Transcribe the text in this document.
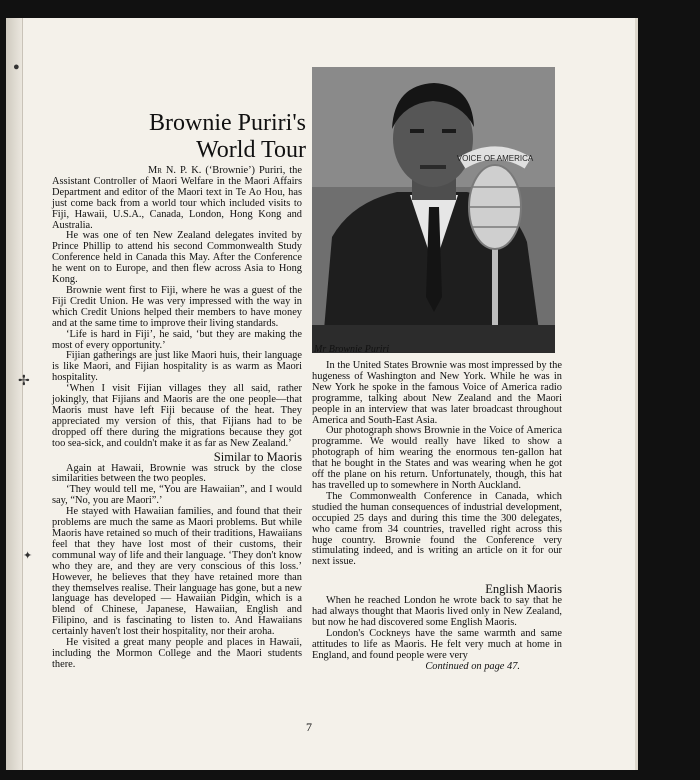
●
✢
✦
Brownie Puriri's
World Tour

Mr N. P. K. (‘Brownie’) Puriri, the Assistant Controller of Maori Welfare in the Maori Affairs Department and editor of the Maori text in Te Ao Hou, has just come back from a world tour which included visits to Fiji, Hawaii, U.S.A., Canada, London, Hong Kong and Australia.

He was one of ten New Zealand delegates invited by Prince Phillip to attend his second Commonwealth Study Conference held in Canada this May. After the Conference he went on to Europe, and then flew across Asia to Hong Kong.

Brownie went first to Fiji, where he was a guest of the Fiji Credit Union. He was very impressed with the way in which Credit Unions helped their members to have money and at the same time to improve their living standards.

‘Life is hard in Fiji’, he said, ‘but they are making the most of every opportunity.’

Fijian gatherings are just like Maori huis, their language is like Maori, and Fijian hospitality is as warm as Maori hospitality.

‘When I visit Fijian villages they all said, rather jokingly, that Fijians and Maoris are the one people—that Maoris must have left Fiji because of the heat. They appreciated my version of this, that Fijians had to be dropped off there during the migrations because they got too sea-sick, and couldn't make it as far as New Zealand.’

Similar to Maoris

Again at Hawaii, Brownie was struck by the close similarities between the two peoples.

‘They would tell me, “You are Hawaiian”, and I would say, “No, you are Maori”.’

He stayed with Hawaiian families, and found that their problems are much the same as Maori problems. But while Maoris have retained so much of their traditions, Hawaiians feel that they have lost most of their customs, their communal way of life and their language. ‘They don't know who they are, and they are very conscious of this loss.’ However, he believes that they have retained more than they themselves realise. Their language has gone, but a new language has developed — Hawaiian Pidgin, which is a blend of Chinese, Japanese, Hawaiian, English and Filipino, and is fascinating to listen to. And Hawaiians certainly haven't lost their hospitality, nor their aroha.

He visited a great many people and places in Hawaii, including the Mormon College and the Maori students there.

VOICE OF AMERICA
Mr Brownie Puriri

In the United States Brownie was most impressed by the hugeness of Washington and New York. While he was in New York he spoke in the famous Voice of America radio programme, talking about New Zealand and the Maori people in an interview that was later broadcast throughout America and South-East Asia.

Our photograph shows Brownie in the Voice of America programme. We would really have liked to show a photograph of him wearing the enormous ten-gallon hat that he bought in the States and was wearing when he got off the plane on his return. Unfortunately, though, this hat has travelled up to somewhere in North Auckland.

The Commonwealth Conference in Canada, which studied the human consequences of industrial development, occupied 25 days and during this time the 300 delegates, who came from 34 countries, travelled right across this huge country. Brownie found the Conference very stimulating indeed, and is writing an article on it for our next issue.

English Maoris

When he reached London he wrote back to say that he had always thought that Maoris lived only in New Zealand, but now he had discovered some English Maoris.

London's Cockneys have the same warmth and same attitudes to life as Maoris. He felt very much at home in England, and found people were very

Continued on page 47.

7
